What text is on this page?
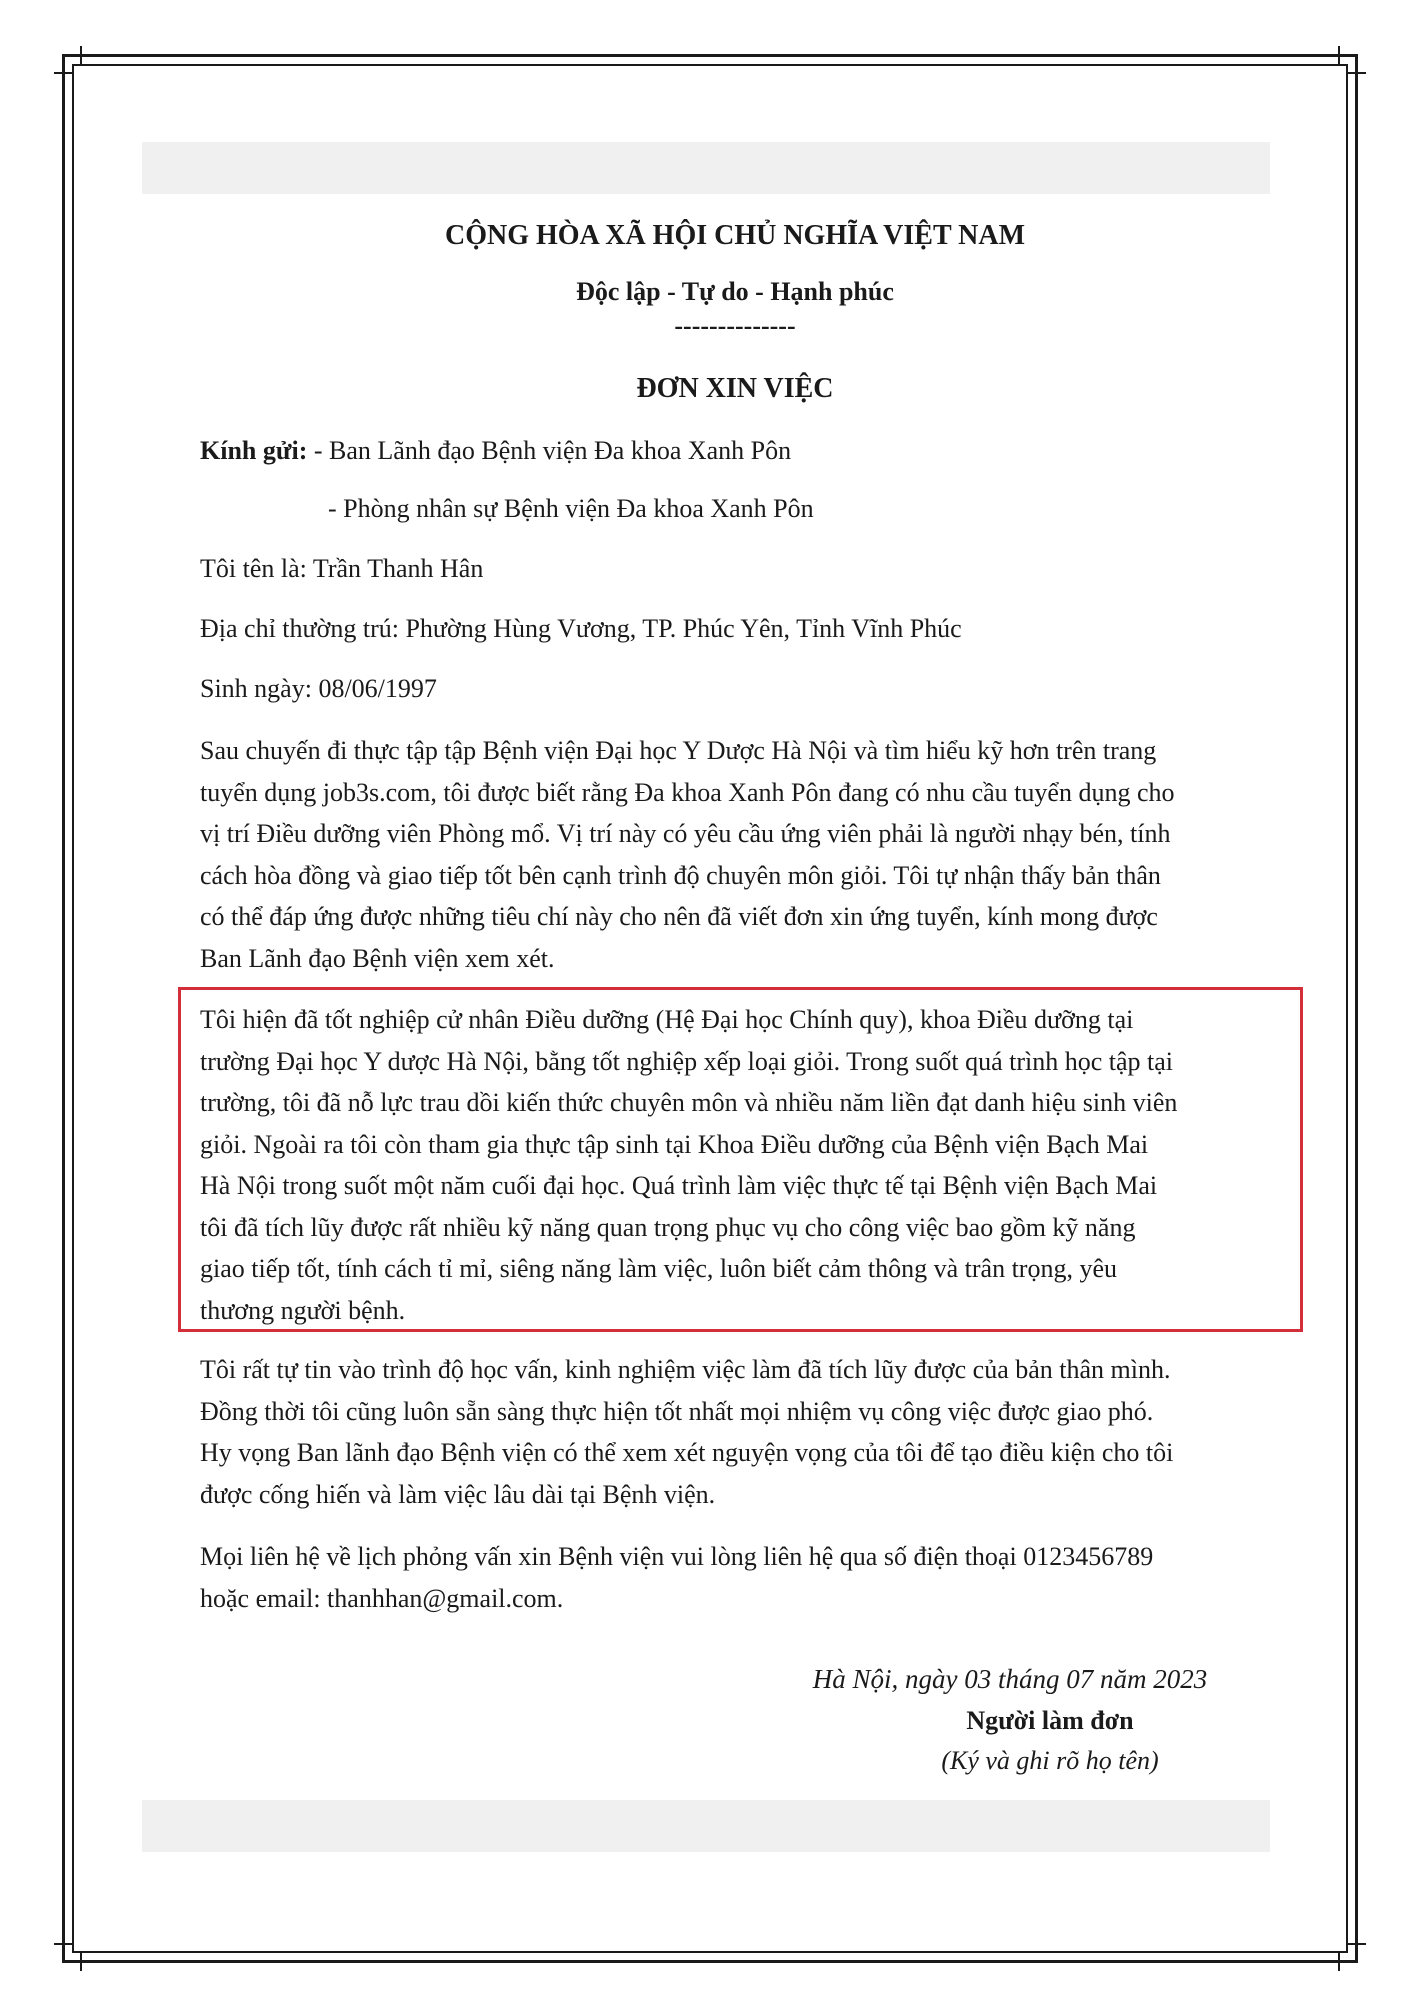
CỘNG HÒA XÃ HỘI CHỦ NGHĨA VIỆT NAM
Độc lập - Tự do - Hạnh phúc
--------------
ĐƠN XIN VIỆC
Kính gửi: - Ban Lãnh đạo Bệnh viện Đa khoa Xanh Pôn
- Phòng nhân sự Bệnh viện Đa khoa Xanh Pôn
Tôi tên là: Trần Thanh Hân
Địa chỉ thường trú: Phường Hùng Vương, TP. Phúc Yên, Tỉnh Vĩnh Phúc
Sinh ngày: 08/06/1997
Sau chuyến đi thực tập tập Bệnh viện Đại học Y Dược Hà Nội và tìm hiểu kỹ hơn trên trang
tuyển dụng job3s.com, tôi được biết rằng Đa khoa Xanh Pôn đang có nhu cầu tuyển dụng cho
vị trí Điều dưỡng viên Phòng mổ. Vị trí này có yêu cầu ứng viên phải là người nhạy bén, tính
cách hòa đồng và giao tiếp tốt bên cạnh trình độ chuyên môn giỏi. Tôi tự nhận thấy bản thân
có thể đáp ứng được những tiêu chí này cho nên đã viết đơn xin ứng tuyển, kính mong được
Ban Lãnh đạo Bệnh viện xem xét.
Tôi hiện đã tốt nghiệp cử nhân Điều dưỡng (Hệ Đại học Chính quy), khoa Điều dưỡng tại
trường Đại học Y dược Hà Nội, bằng tốt nghiệp xếp loại giỏi. Trong suốt quá trình học tập tại
trường, tôi đã nỗ lực trau dồi kiến thức chuyên môn và nhiều năm liền đạt danh hiệu sinh viên
giỏi. Ngoài ra tôi còn tham gia thực tập sinh tại Khoa Điều dưỡng của Bệnh viện Bạch Mai
Hà Nội trong suốt một năm cuối đại học. Quá trình làm việc thực tế tại Bệnh viện Bạch Mai
tôi đã tích lũy được rất nhiều kỹ năng quan trọng phục vụ cho công việc bao gồm kỹ năng
giao tiếp tốt, tính cách tỉ mỉ, siêng năng làm việc, luôn biết cảm thông và trân trọng, yêu
thương người bệnh.
Tôi rất tự tin vào trình độ học vấn, kinh nghiệm việc làm đã tích lũy được của bản thân mình.
Đồng thời tôi cũng luôn sẵn sàng thực hiện tốt nhất mọi nhiệm vụ công việc được giao phó.
Hy vọng Ban lãnh đạo Bệnh viện có thể xem xét nguyện vọng của tôi để tạo điều kiện cho tôi
được cống hiến và làm việc lâu dài tại Bệnh viện.
Mọi liên hệ về lịch phỏng vấn xin Bệnh viện vui lòng liên hệ qua số điện thoại 0123456789
hoặc email: thanhhan@gmail.com.
Hà Nội, ngày 03 tháng 07 năm 2023
Người làm đơn
(Ký và ghi rõ họ tên)
